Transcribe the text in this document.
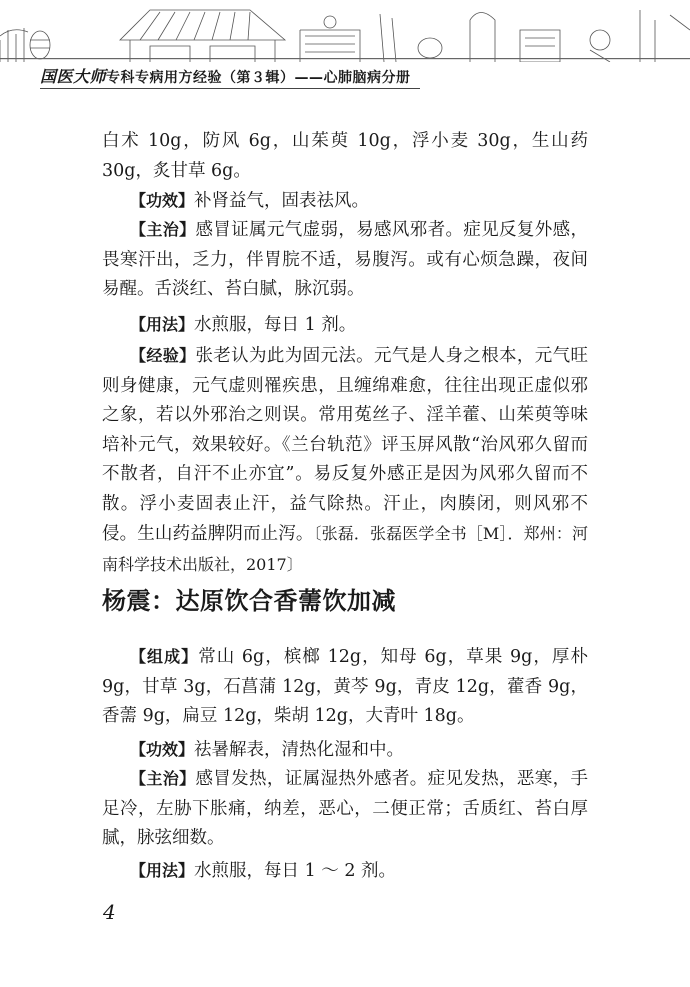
国医大师专科专病用方经验（第３辑）——心肺脑病分册

白术 10g，防风 6g，山茱萸 10g，浮小麦 30g，生山药 30g，炙甘草 6g。

【功效】补肾益气，固表祛风。

【主治】感冒证属元气虚弱，易感风邪者。症见反复外感，畏寒汗出，乏力，伴胃脘不适，易腹泻。或有心烦急躁，夜间易醒。舌淡红、苔白腻，脉沉弱。

【用法】水煎服，每日 1 剂。

【经验】张老认为此为固元法。元气是人身之根本，元气旺则身健康，元气虚则罹疾患，且缠绵难愈，往往出现正虚似邪之象，若以外邪治之则误。常用菟丝子、淫羊藿、山茱萸等味培补元气，效果较好。《兰台轨范》评玉屏风散“治风邪久留而不散者，自汗不止亦宜”。易反复外感正是因为风邪久留而不散。浮小麦固表止汗，益气除热。汗止，肉腠闭，则风邪不侵。生山药益脾阴而止泻。〔张磊．张磊医学全书［M］．郑州：河南科学技术出版社，2017〕

杨震：达原饮合香薷饮加减

【组成】常山 6g，槟榔 12g，知母 6g，草果 9g，厚朴 9g，甘草 3g，石菖蒲 12g，黄芩 9g，青皮 12g，藿香 9g，香薷 9g，扁豆 12g，柴胡 12g，大青叶 18g。

【功效】祛暑解表，清热化湿和中。

【主治】感冒发热，证属湿热外感者。症见发热，恶寒，手足冷，左胁下胀痛，纳差，恶心，二便正常；舌质红、苔白厚腻，脉弦细数。

【用法】水煎服，每日 1 ～ 2 剂。

4
